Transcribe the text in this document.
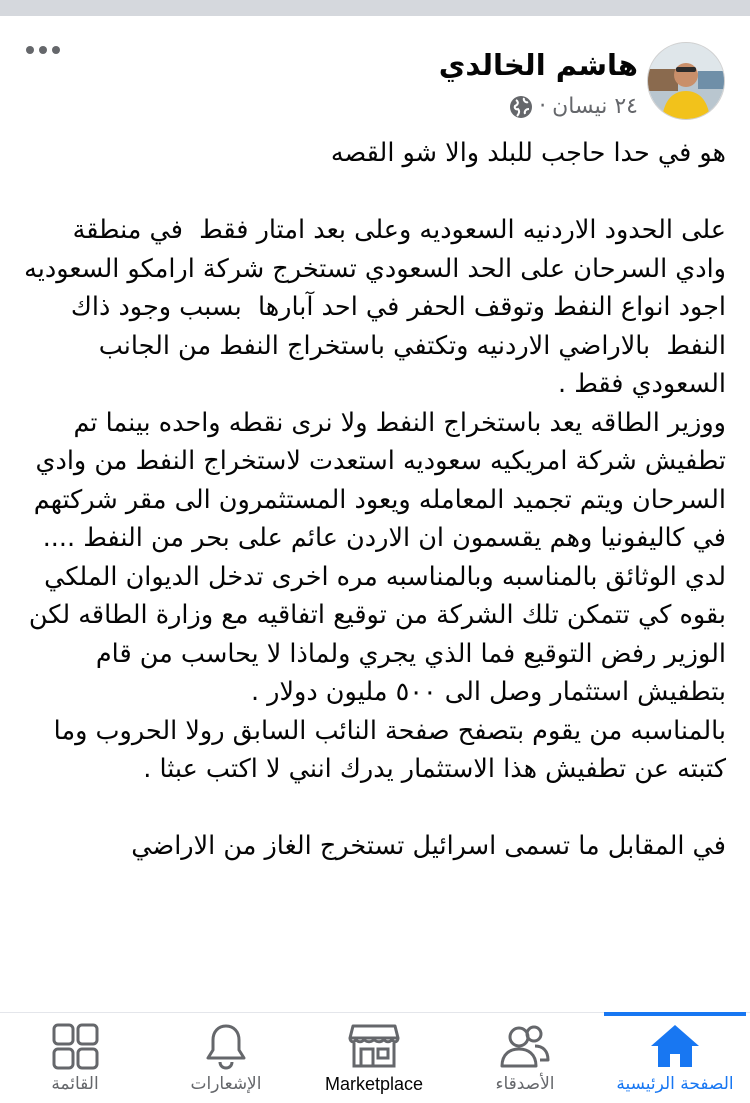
هاشم الخالدي
٢٤ نيسان
·

هو في حدا حاجب للبلد والا شو القصه

على الحدود الاردنيه السعوديه وعلى بعد امتار فقط  في منطقة وادي السرحان على الحد السعودي تستخرج شركة ارامكو السعوديه اجود انواع النفط وتوقف الحفر في احد آبارها  بسبب وجود ذاك النفط  بالاراضي الاردنيه وتكتفي باستخراج النفط من الجانب السعودي فقط .
ووزير الطاقه يعد باستخراج النفط ولا نرى نقطه واحده بينما تم تطفيش شركة امريكيه سعوديه استعدت لاستخراج النفط من وادي السرحان ويتم تجميد المعامله ويعود المستثمرون الى مقر شركتهم في كاليفونيا وهم يقسمون ان الاردن عائم على بحر من النفط ....
لدي الوثائق بالمناسبه وبالمناسبه مره اخرى تدخل الديوان الملكي بقوه كي تتمكن تلك الشركة من توقيع اتفاقيه مع وزارة الطاقه لكن الوزير رفض التوقيع فما الذي يجري ولماذا لا يحاسب من قام  بتطفيش استثمار وصل الى ٥٠٠ مليون دولار .
بالمناسبه من يقوم بتصفح صفحة النائب السابق رولا الحروب وما كتبته عن تطفيش هذا الاستثمار يدرك انني لا اكتب عبثا .

في المقابل ما تسمى اسرائيل تستخرج الغاز من الاراضي

الصفحة الرئيسية
الأصدقاء
Marketplace
الإشعارات
القائمة
